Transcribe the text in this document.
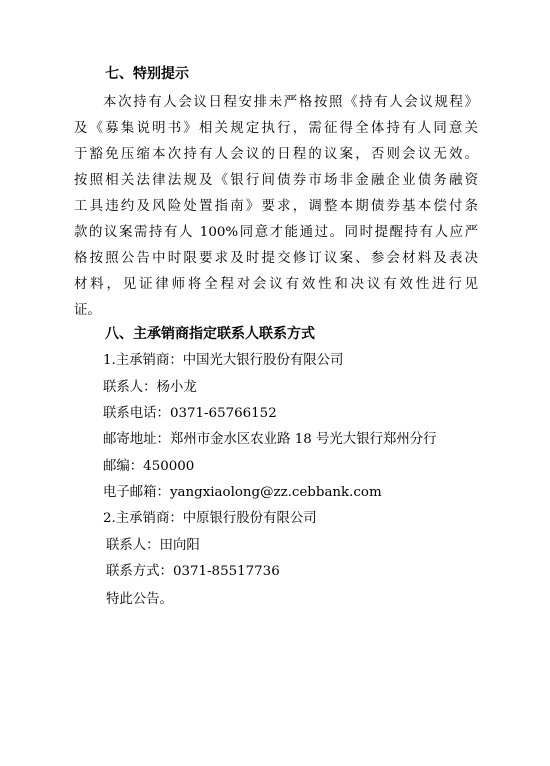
七、特别提示
本次持有人会议日程安排未严格按照《持有人会议规程》
及《募集说明书》相关规定执行，需征得全体持有人同意关
于豁免压缩本次持有人会议的日程的议案，否则会议无效。
按照相关法律法规及《银行间债券市场非金融企业债务融资
工具违约及风险处置指南》要求，调整本期债券基本偿付条
款的议案需持有人 100%同意才能通过。同时提醒持有人应严
格按照公告中时限要求及时提交修订议案、参会材料及表决
材料，见证律师将全程对会议有效性和决议有效性进行见
证。
八、主承销商指定联系人联系方式
1.主承销商：中国光大银行股份有限公司
联系人：杨小龙
联系电话：0371-65766152
邮寄地址：郑州市金水区农业路 18 号光大银行郑州分行
邮编：450000
电子邮箱：yangxiaolong@zz.cebbank.com
2.主承销商：中原银行股份有限公司
联系人：田向阳
联系方式：0371-85517736
特此公告。
